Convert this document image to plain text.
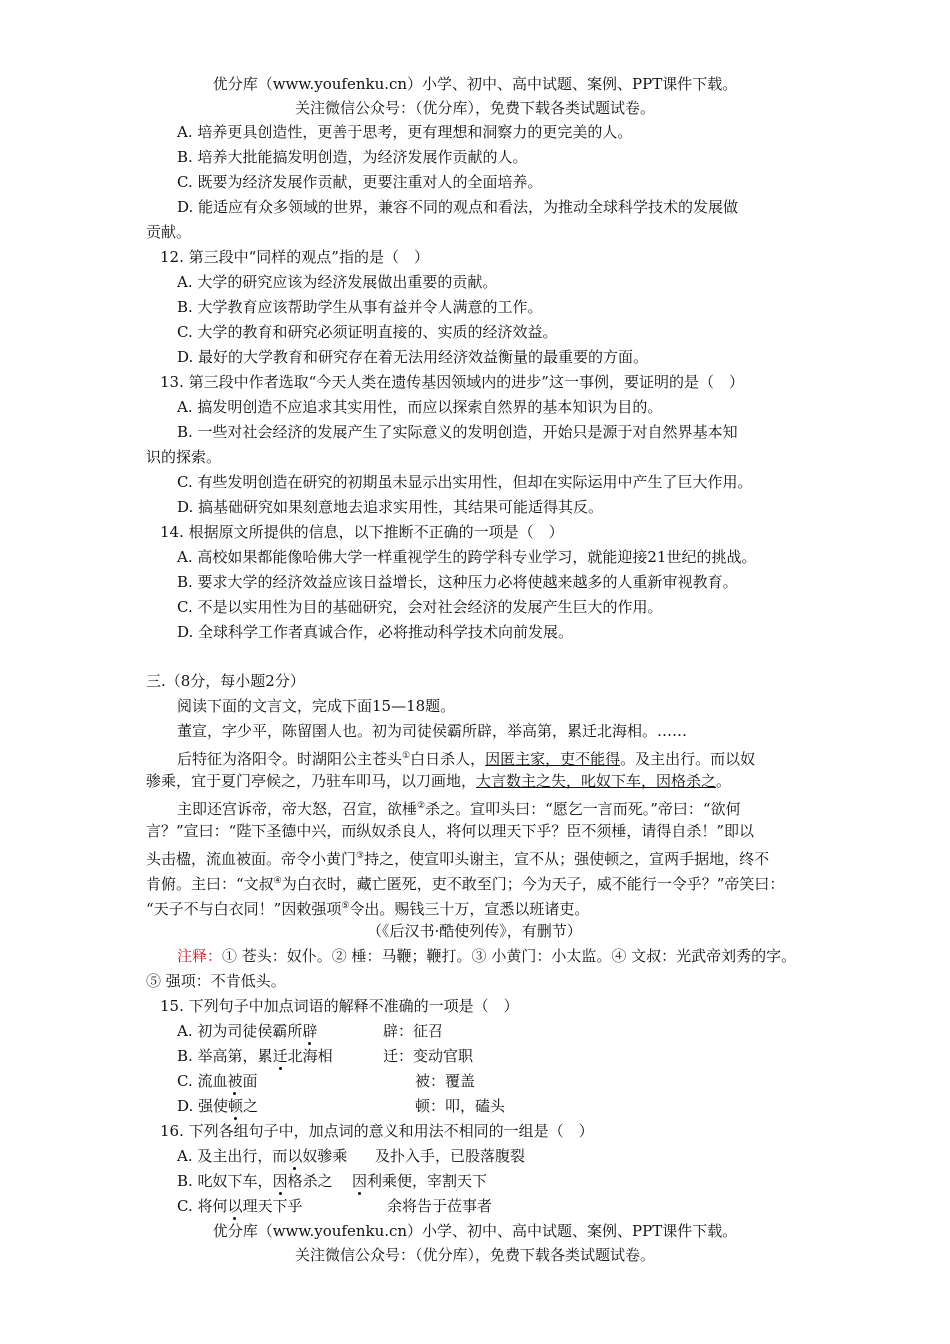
优分库（www.youfenku.cn）小学、初中、高中试题、案例、PPT课件下载。
关注微信公众号：（优分库），免费下载各类试题试卷。
A. 培养更具创造性，更善于思考，更有理想和洞察力的更完美的人。
B. 培养大批能搞发明创造，为经济发展作贡献的人。
C. 既要为经济发展作贡献，更要注重对人的全面培养。
D. 能适应有众多领域的世界，兼容不同的观点和看法，为推动全球科学技术的发展做
贡献。
12. 第三段中“同样的观点”指的是（　）
A. 大学的研究应该为经济发展做出重要的贡献。
B. 大学教育应该帮助学生从事有益并令人满意的工作。
C. 大学的教育和研究必须证明直接的、实质的经济效益。
D. 最好的大学教育和研究存在着无法用经济效益衡量的最重要的方面。
13. 第三段中作者选取“今天人类在遗传基因领域内的进步”这一事例，要证明的是（　）
A. 搞发明创造不应追求其实用性，而应以探索自然界的基本知识为目的。
B. 一些对社会经济的发展产生了实际意义的发明创造，开始只是源于对自然界基本知
识的探索。
C. 有些发明创造在研究的初期虽未显示出实用性，但却在实际运用中产生了巨大作用。
D. 搞基础研究如果刻意地去追求实用性，其结果可能适得其反。
14. 根据原文所提供的信息，以下推断不正确的一项是（　）
A. 高校如果都能像哈佛大学一样重视学生的跨学科专业学习，就能迎接21世纪的挑战。
B. 要求大学的经济效益应该日益增长，这种压力必将使越来越多的人重新审视教育。
C. 不是以实用性为目的基础研究，会对社会经济的发展产生巨大的作用。
D. 全球科学工作者真诚合作，必将推动科学技术向前发展。
三.（8分，每小题2分）
阅读下面的文言文，完成下面15—18题。
董宣，字少平，陈留圉人也。初为司徒侯霸所辟，举高第，累迁北海相。……
后特征为洛阳令。时湖阳公主苍头①白日杀人，因匿主家，吏不能得。及主出行。而以奴
骖乘，宜于夏门亭候之，乃驻车叩马，以刀画地，大言数主之失，叱奴下车，因格杀之。
主即还宫诉帝，帝大怒，召宣，欲棰②杀之。宣叩头曰：“愿乞一言而死。”帝曰：“欲何
言？”宣曰：“陛下圣德中兴，而纵奴杀良人，将何以理天下乎？臣不须棰，请得自杀！”即以
头击楹，流血被面。帝令小黄门③持之，使宣叩头谢主，宣不从；强使顿之，宣两手据地，终不
肯俯。主曰：“文叔④为白衣时，藏亡匿死，吏不敢至门；今为天子，威不能行一令乎？”帝笑曰：
“天子不与白衣同！”因敕强项⑤令出。赐钱三十万，宣悉以班诸吏。
（《后汉书·酷使列传》，有删节）
注释：① 苍头：奴仆。② 棰：马鞭；鞭打。③ 小黄门：小太监。④ 文叔：光武帝刘秀的字。
⑤ 强项：不肯低头。
15. 下列句子中加点词语的解释不准确的一项是（　）
A. 初为司徒侯霸所辟	辟：征召
B. 举高第，累迁北海相	迁：变动官职
C. 流血被面	被：覆盖
D. 强使顿之	顿：叩，磕头
16. 下列各组句子中，加点词的意义和用法不相同的一组是（　）
A. 及主出行，而以奴骖乘 及扑入手，已股落腹裂
B. 叱奴下车，因格杀之 因利乘便，宰割天下
C. 将何以理天下乎	余将告于莅事者
优分库（www.youfenku.cn）小学、初中、高中试题、案例、PPT课件下载。
关注微信公众号：（优分库），免费下载各类试题试卷。
